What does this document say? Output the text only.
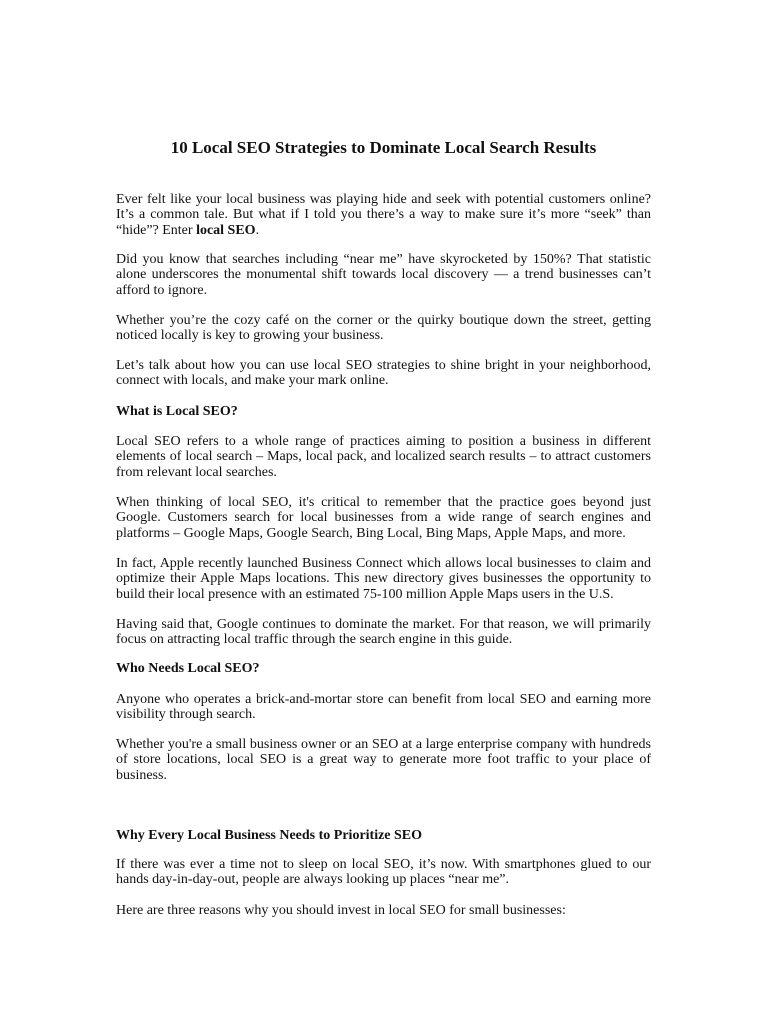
10 Local SEO Strategies to Dominate Local Search Results

Ever felt like your local business was playing hide and seek with potential customers online? It’s a common tale. But what if I told you there’s a way to make sure it’s more “seek” than “hide”? Enter local SEO.

Did you know that searches including “near me” have skyrocketed by 150%? That statistic alone underscores the monumental shift towards local discovery — a trend businesses can’t afford to ignore.

Whether you’re the cozy café on the corner or the quirky boutique down the street, getting noticed locally is key to growing your business.

Let’s talk about how you can use local SEO strategies to shine bright in your neighborhood, connect with locals, and make your mark online.

What is Local SEO?

Local SEO refers to a whole range of practices aiming to position a business in different elements of local search – Maps, local pack, and localized search results – to attract customers from relevant local searches.

When thinking of local SEO, it's critical to remember that the practice goes beyond just Google. Customers search for local businesses from a wide range of search engines and platforms – Google Maps, Google Search, Bing Local, Bing Maps, Apple Maps, and more.

In fact, Apple recently launched Business Connect which allows local businesses to claim and optimize their Apple Maps locations. This new directory gives businesses the opportunity to build their local presence with an estimated 75-100 million Apple Maps users in the U.S.

Having said that, Google continues to dominate the market. For that reason, we will primarily focus on attracting local traffic through the search engine in this guide.

Who Needs Local SEO?

Anyone who operates a brick-and-mortar store can benefit from local SEO and earning more visibility through search.

Whether you're a small business owner or an SEO at a large enterprise company with hundreds of store locations, local SEO is a great way to generate more foot traffic to your place of business.

Why Every Local Business Needs to Prioritize SEO

If there was ever a time not to sleep on local SEO, it’s now. With smartphones glued to our hands day-in-day-out, people are always looking up places “near me”.

Here are three reasons why you should invest in local SEO for small businesses:
